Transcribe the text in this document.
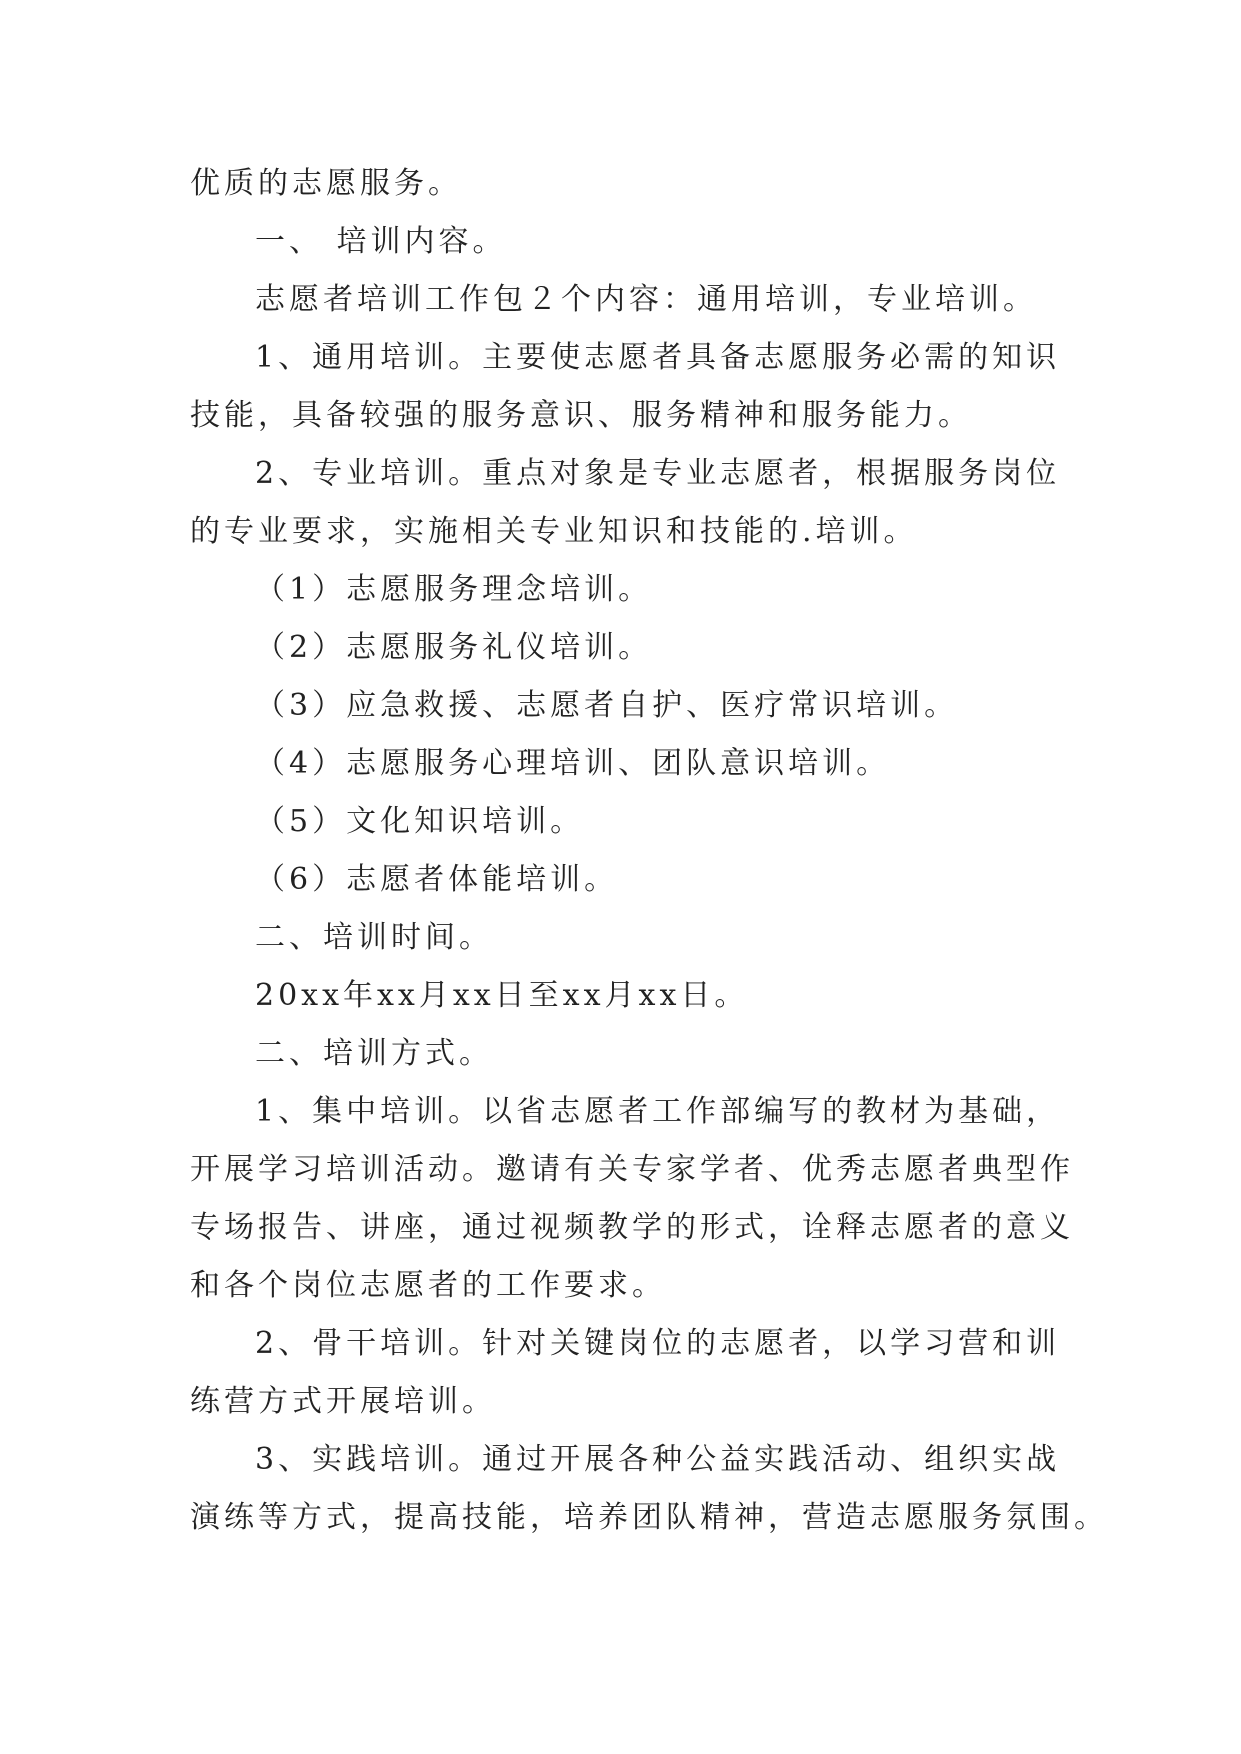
优质的志愿服务。
一、 培训内容。
志愿者培训工作包２个内容：通用培训，专业培训。
1、通用培训。主要使志愿者具备志愿服务必需的知识
技能，具备较强的服务意识、服务精神和服务能力。
2、专业培训。重点对象是专业志愿者，根据服务岗位
的专业要求，实施相关专业知识和技能的.培训。
（1）志愿服务理念培训。
（2）志愿服务礼仪培训。
（3）应急救援、志愿者自护、医疗常识培训。
（4）志愿服务心理培训、团队意识培训。
（5）文化知识培训。
（6）志愿者体能培训。
二、培训时间。
20xx年xx月xx日至xx月xx日。
二、培训方式。
1、集中培训。以省志愿者工作部编写的教材为基础，
开展学习培训活动。邀请有关专家学者、优秀志愿者典型作
专场报告、讲座，通过视频教学的形式，诠释志愿者的意义
和各个岗位志愿者的工作要求。
2、骨干培训。针对关键岗位的志愿者，以学习营和训
练营方式开展培训。
3、实践培训。通过开展各种公益实践活动、组织实战
演练等方式，提高技能，培养团队精神，营造志愿服务氛围。
